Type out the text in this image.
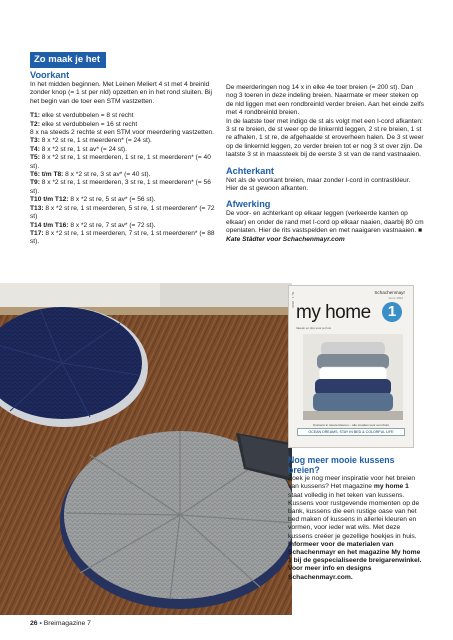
Zo maak je het
Voorkant

In het midden beginnen. Met Leinen Meliert 4 st met 4 breinld zonder knop (= 1 st per nld) opzetten en in het rond sluiten. Bij het begin van de toer een STM vastzetten.

T1: elke st verdubbelen = 8 st recht

T2: elke st verdubbelen = 16 st recht

8 x na steeds 2 rechte st een STM voor meerdering vastzetten.

T3: 8 x *2 st re, 1 st meerderen* (= 24 st).

T4: 8 x *2 st re, 1 st av* (= 24 st).

T5: 8 x *2 st re, 1 st meerderen, 1 st re, 1 st meerderen* (= 40 st).

T6: t/m T8: 8 x *2 st re, 3 st av* (= 40 st).

T9: 8 x *2 st re, 1 st meerderen, 3 st re, 1 st meerderen* (= 56 st).

T10 t/m T12: 8 x *2 st re, 5 st av* (= 56 st).

T13: 8 x *2 st re, 1 st meerderen, 5 st re, 1 st meerderen* (= 72 st)

T14 t/m T16: 8 x *2 st re, 7 st av* (= 72 st).

T17: 8 x *2 st re, 1 st meerderen, 7 st re, 1 st meerderen* (= 88 st).

De meerderingen nog 14 x in elke 4e toer breien (= 200 st). Dan nog 3 toeren in deze indeling breien. Naarmate er meer steken op de nld liggen met een rondbreinld verder breien. Aan het einde zelfs met 4 rondbreinld breien.

In de laatste toer met indigo de st als volgt met een I-cord afkanten: 3 st re breien, de st weer op de linkernld leggen, 2 st re breien, 1 st re afhalen, 1 st re, de afgehaalde st eroverheen halen. De 3 st weer op de linkernld leggen, zo verder breien tot er nog 3 st over zijn. De laatste 3 st in maassteek bij de eerste 3 st van de rand vastnaaien.

Achterkant

Net als de voorkant breien, maar zonder I-cord in contrastkleur. Hier de st gewoon afkanten.

Afwerking

De voor- en achterkant op elkaar leggen (verkeerde kanten op elkaar) en onder de rand met I-cord op elkaar naaien, daarbij 80 cm openlaten. Hier de rits vastspelden en met naaigaren vastnaaien. ■

Kate Städter voor Schachenmayr.com

Nr. 1 · 2020	Schachenmayr
since 1822
my home	1
Ideeën en tips voor je huis
Kussens in stoere kleuren – alle creaties voor een thuis
OCEAN DREAMS, STAY IN BED & COLORFUL LIFE
Nog meer mooie kussens breien?

Zoek je nog meer inspiratie voor het breien van kussens? Het magazine my home 1 staat volledig in het teken van kussens. Kussens voor rustgevende momenten op de bank, kussens die een rustige oase van het bed maken of kussens in allerlei kleuren en vormen, voor ieder wat wils. Met deze kussens creëer je gezellige hoekjes in huis.

Informeer voor de materialen van Schachenmayr en het magazine My home 1 bij de gespecialiseerde breigarenwinkel. Voor meer info en designs Schachenmayr.com.

26 • Breimagazine 7
